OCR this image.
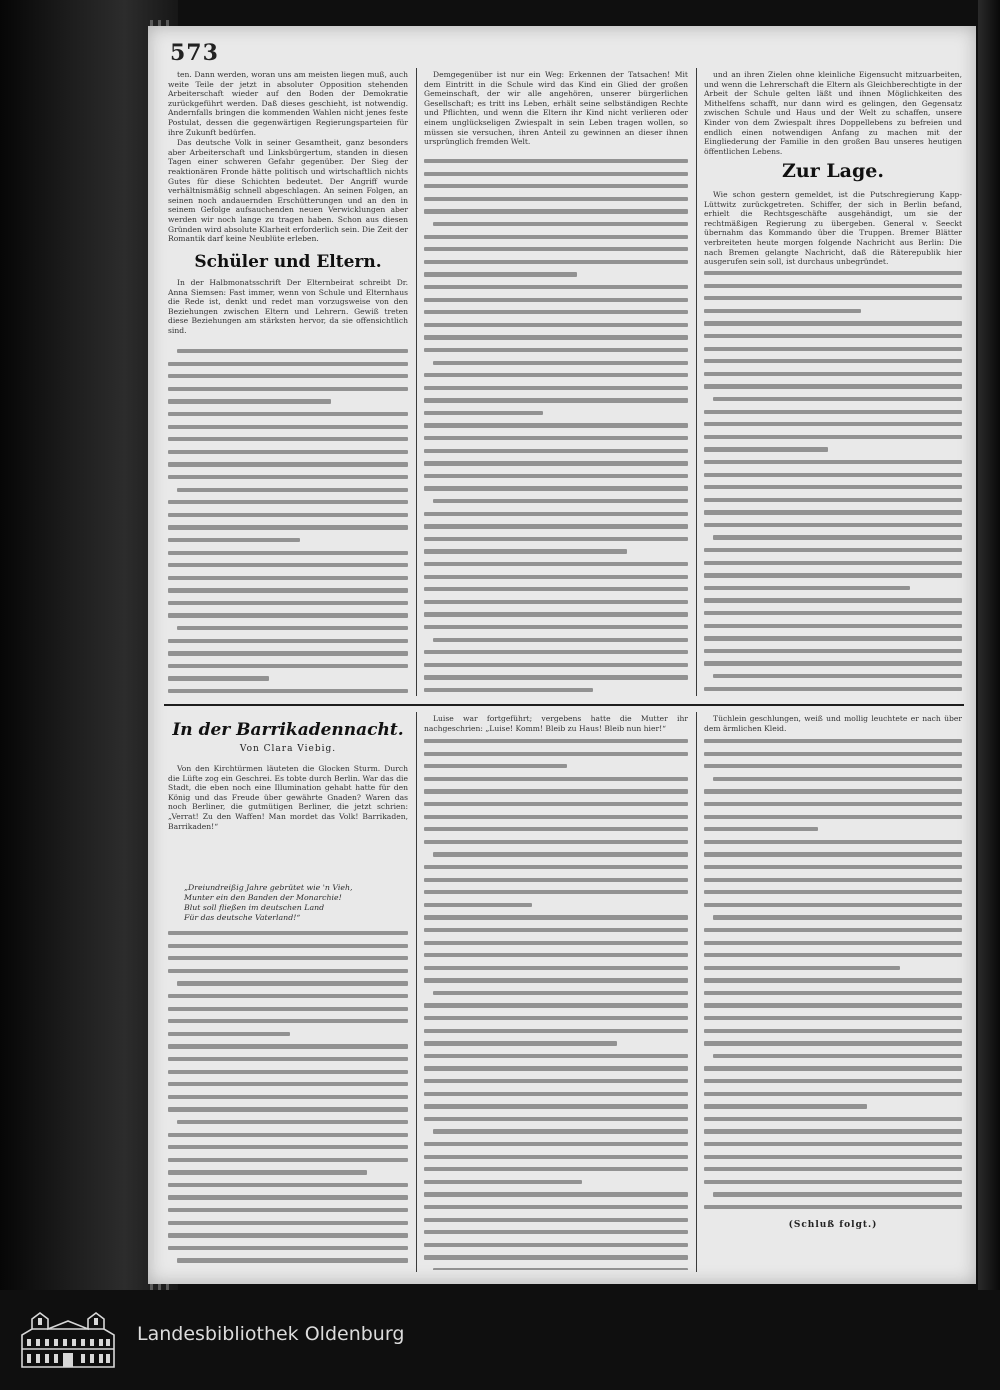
573

ten. Dann werden, woran uns am meisten liegen muß, auch weite Teile der jetzt in absoluter Opposition stehenden Arbeiterschaft wieder auf den Boden der Demokratie zurückgeführt werden. Daß dieses geschieht, ist notwendig. Andernfalls bringen die kommenden Wahlen nicht jenes feste Postulat, dessen die gegenwärtigen Regierungsparteien für ihre Zukunft bedürfen.

Das deutsche Volk in seiner Gesamtheit, ganz besonders aber Arbeiterschaft und Linksbürgertum, standen in diesen Tagen einer schweren Gefahr gegenüber. Der Sieg der reaktionären Fronde hätte politisch und wirtschaftlich nichts Gutes für diese Schichten bedeutet. Der Angriff wurde verhältnismäßig schnell abgeschlagen. An seinen Folgen, an seinen noch andauernden Erschütterungen und an den in seinem Gefolge aufsauchenden neuen Verwicklungen aber werden wir noch lange zu tragen haben. Schon aus diesen Gründen wird absolute Klarheit erforderlich sein. Die Zeit der Romantik darf keine Neublüte erleben.

Schüler und Eltern.

In der Halbmonatsschrift Der Elternbeirat schreibt Dr. Anna Siemsen: Fast immer, wenn von Schule und Elternhaus die Rede ist, denkt und redet man vorzugsweise von den Beziehungen zwischen Eltern und Lehrern. Gewiß treten diese Beziehungen am stärksten hervor, da sie offensichtlich sind.

Demgegenüber ist nur ein Weg: Erkennen der Tatsachen! Mit dem Eintritt in die Schule wird das Kind ein Glied der großen Gemeinschaft, der wir alle angehören, unserer bürgerlichen Gesellschaft; es tritt ins Leben, erhält seine selbständigen Rechte und Pflichten, und wenn die Eltern ihr Kind nicht verlieren oder einem unglückseligen Zwiespalt in sein Leben tragen wollen, so müssen sie versuchen, ihren Anteil zu gewinnen an dieser ihnen ursprünglich fremden Welt.

und an ihren Zielen ohne kleinliche Eigensucht mitzuarbeiten, und wenn die Lehrerschaft die Eltern als Gleichberechtigte in der Arbeit der Schule gelten läßt und ihnen Möglichkeiten des Mithelfens schafft, nur dann wird es gelingen, den Gegensatz zwischen Schule und Haus und der Welt zu schaffen, unsere Kinder von dem Zwiespalt ihres Doppellebens zu befreien und endlich einen notwendigen Anfang zu machen mit der Eingliederung der Familie in den großen Bau unseres heutigen öffentlichen Lebens.

Zur Lage.

Wie schon gestern gemeldet, ist die Putschregierung Kapp-Lüttwitz zurückgetreten. Schiffer, der sich in Berlin befand, erhielt die Rechtsgeschäfte ausgehändigt, um sie der rechtmäßigen Regierung zu übergeben. General v. Seeckt übernahm das Kommando über die Truppen. Bremer Blätter verbreiteten heute morgen folgende Nachricht aus Berlin: Die nach Bremen gelangte Nachricht, daß die Räterepublik hier ausgerufen sein soll, ist durchaus unbegründet.

In der Barrikadennacht.
Von Clara Viebig.

Von den Kirchtürmen läuteten die Glocken Sturm. Durch die Lüfte zog ein Geschrei. Es tobte durch Berlin. War das die Stadt, die eben noch eine Illumination gehabt hatte für den König und das Freude über gewährte Gnaden? Waren das noch Berliner, die gutmütigen Berliner, die jetzt schrien: „Verrat! Zu den Waffen! Man mordet das Volk! Barrikaden, Barrikaden!“

„Dreiundreißig Jahre gebrütet wie 'n Vieh,
Munter ein den Banden der Monarchie!
Blut soll fließen im deutschen Land
Für das deutsche Vaterland!“

Luise war fortgeführt; vergebens hatte die Mutter ihr nachgeschrien: „Luise! Komm! Bleib zu Haus! Bleib nun hier!“

Tüchlein geschlungen, weiß und mollig leuchtete er nach über dem ärmlichen Kleid.

(Schluß folgt.)
Landesbibliothek Oldenburg
